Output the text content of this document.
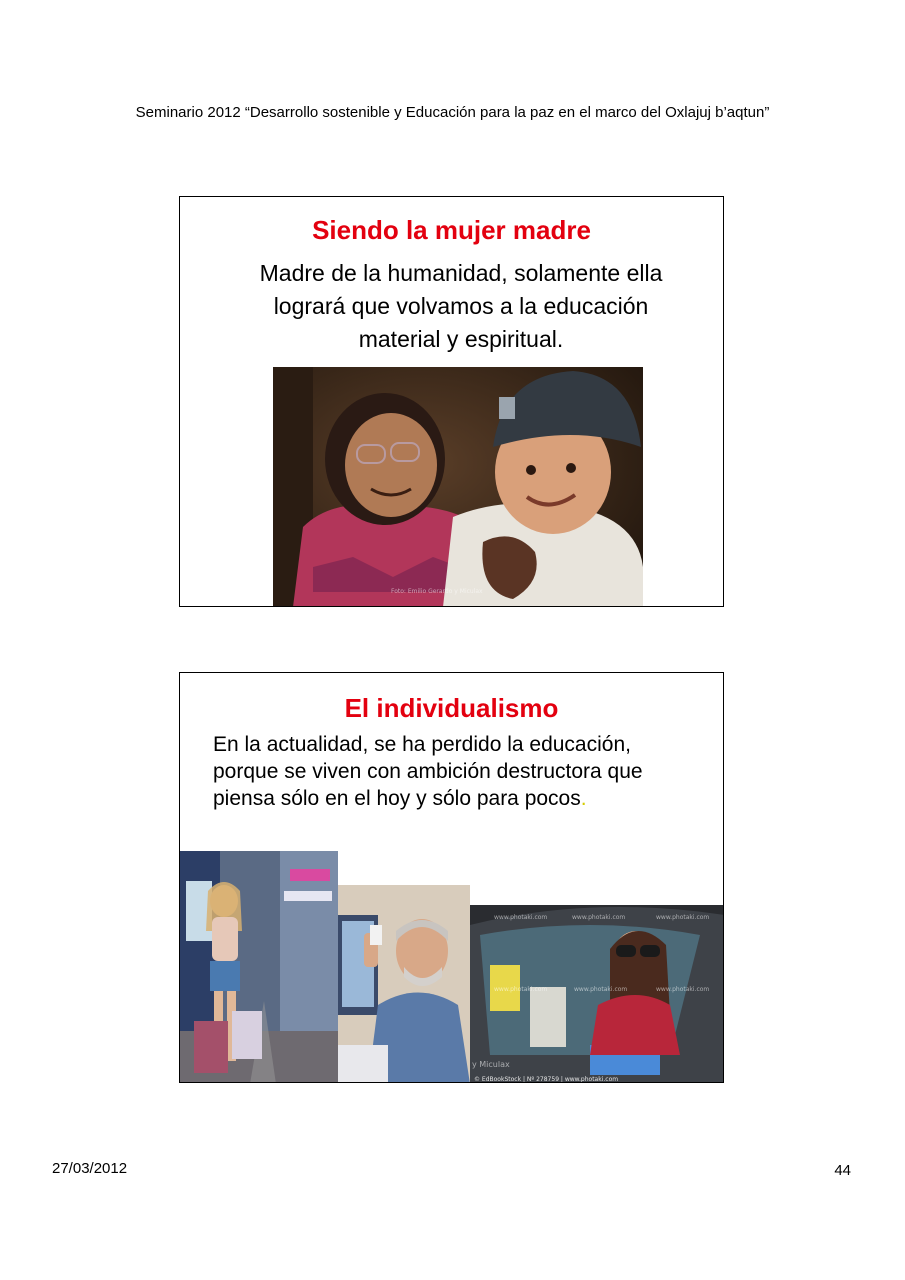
Seminario 2012 “Desarrollo sostenible y Educación para la paz en el marco del Oxlajuj b’aqtun”
Siendo la mujer madre
Madre de la humanidad, solamente ella
logrará que volvamos a la educación
material y espiritual.
Foto: Emilio Gerardo y Miculax
El individualismo
En la actualidad, se ha perdido la educación,
porque se viven con ambición destructora que
piensa sólo en el hoy y sólo para pocos.
www.photaki.com	www.photaki.com	www.photaki.com
www.photaki.com	www.photaki.com	www.photaki.com
y Miculax
© EdBookStock | Nº 278759 | www.photaki.com
27/03/2012	44
